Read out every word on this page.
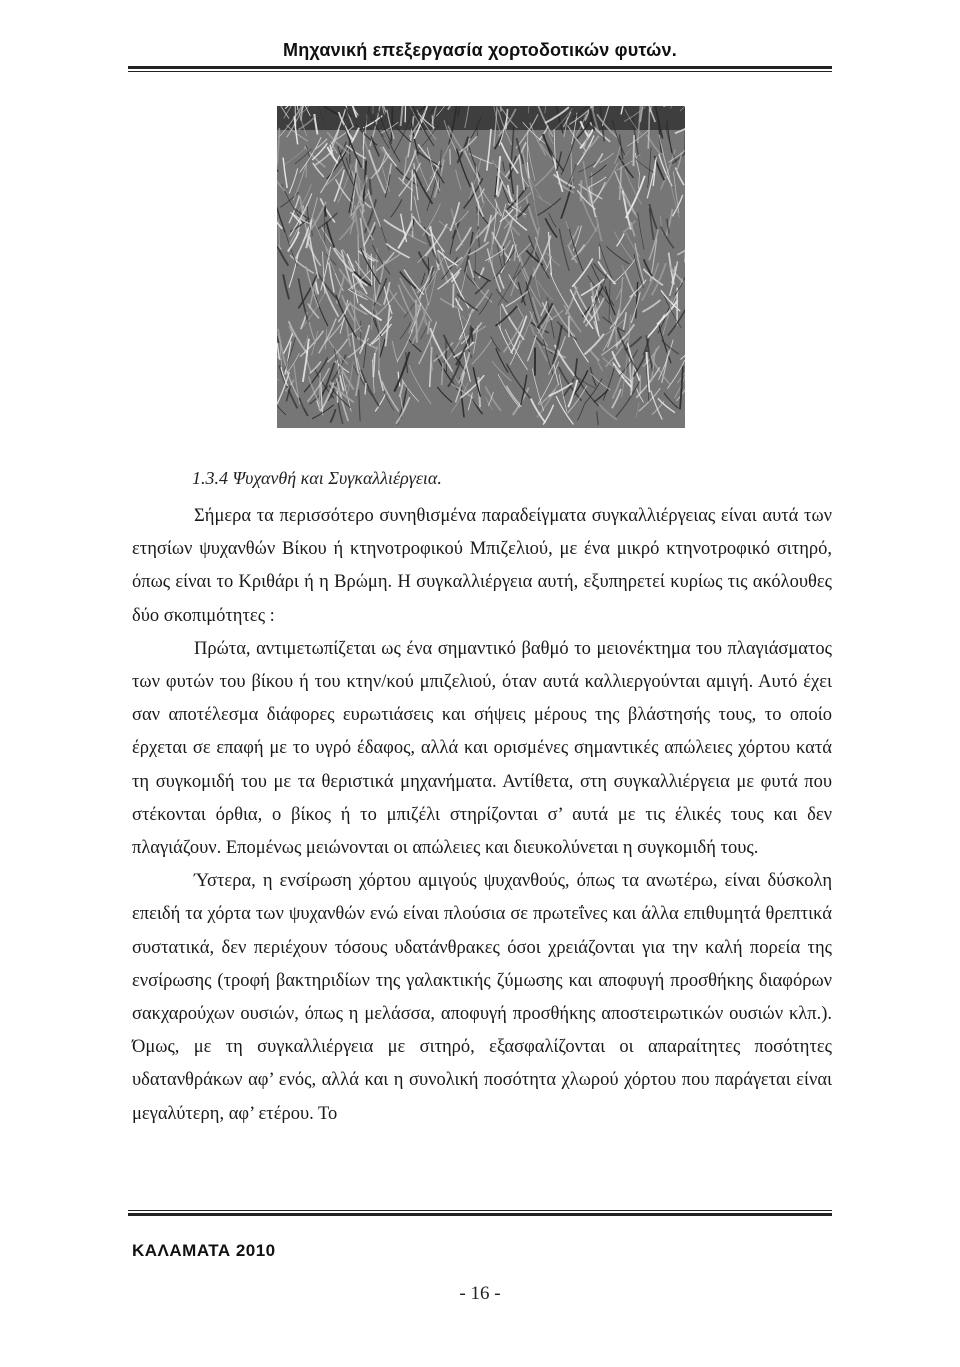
Μηχανική επεξεργασία χορτοδοτικών φυτών.
1.3.4 Ψυχανθή και Συγκαλλιέργεια.

Σήμερα τα περισσότερο συνηθισμένα παραδείγματα συγκαλλιέργειας είναι αυτά των ετησίων ψυχανθών Βίκου ή κτηνοτροφικού Μπιζελιού, με ένα μικρό κτηνοτροφικό σιτηρό, όπως είναι το Κριθάρι ή η Βρώμη. Η συγκαλλιέργεια αυτή, εξυπηρετεί κυρίως τις ακόλουθες δύο σκοπιμότητες :

Πρώτα, αντιμετωπίζεται ως ένα σημαντικό βαθμό το μειονέκτημα του πλαγιάσματος των φυτών του βίκου ή του κτην/κού μπιζελιού, όταν αυτά καλλιεργούνται αμιγή. Αυτό έχει σαν αποτέλεσμα διάφορες ευρωτιάσεις και σήψεις μέρους της βλάστησής τους, το οποίο έρχεται σε επαφή με το υγρό έδαφος, αλλά και ορισμένες σημαντικές απώλειες χόρτου κατά τη συγκομιδή του με τα θεριστικά μηχανήματα. Αντίθετα, στη συγκαλλιέργεια με φυτά που στέκονται όρθια, ο βίκος ή το μπιζέλι στηρίζονται σ’ αυτά με τις έλικές τους και δεν πλαγιάζουν. Επομένως μειώνονται οι απώλειες και διευκολύνεται η συγκομιδή τους.

Ύστερα, η ενσίρωση χόρτου αμιγούς ψυχανθούς, όπως τα ανωτέρω, είναι δύσκολη επειδή τα χόρτα των ψυχανθών ενώ είναι πλούσια σε πρωτεΐνες και άλλα επιθυμητά θρεπτικά συστατικά, δεν περιέχουν τόσους υδατάνθρακες όσοι χρειάζονται για την καλή πορεία της ενσίρωσης (τροφή βακτηριδίων της γαλακτικής ζύμωσης και αποφυγή προσθήκης διαφόρων σακχαρούχων ουσιών, όπως η μελάσσα, αποφυγή προσθήκης αποστειρωτικών ουσιών κλπ.). Όμως, με τη συγκαλλιέργεια με σιτηρό, εξασφαλίζονται οι απαραίτητες ποσότητες υδατανθράκων αφ’ ενός, αλλά και η συνολική ποσότητα χλωρού χόρτου που παράγεται είναι μεγαλύτερη, αφ’ ετέρου. Το

ΚΑΛΑΜΑΤΑ 2010
- 16 -
